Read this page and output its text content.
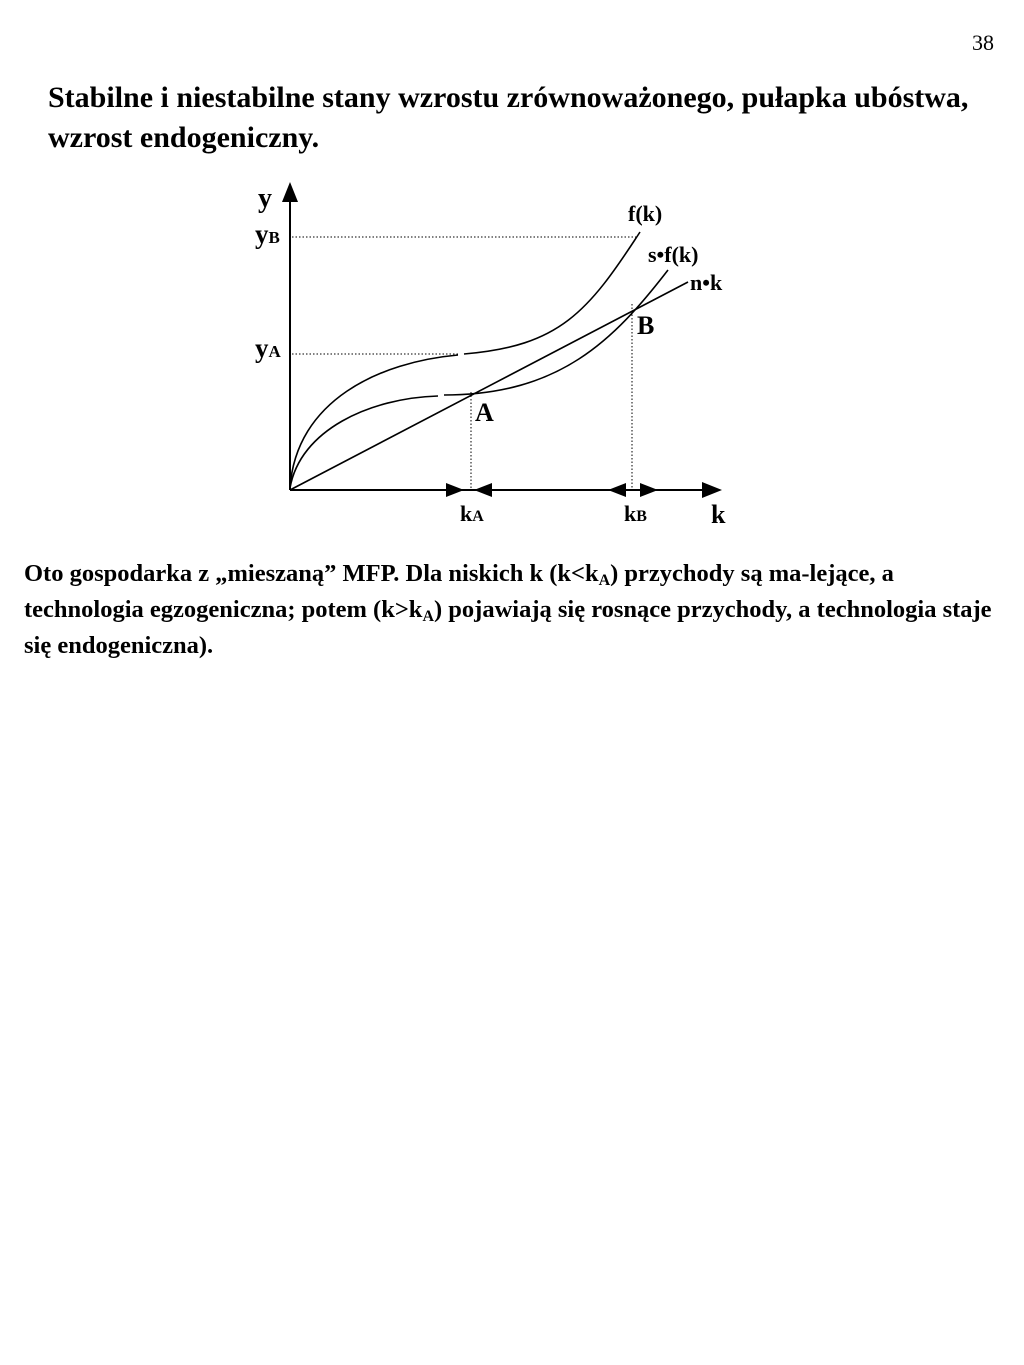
38
Stabilne i niestabilne stany wzrostu zrównoważonego, pułapka ubóstwa, wzrost endogeniczny.
y
k
f(k)
s•f(k)
n•k
A
B
yB
yA
kA	kB

Oto gospodarka z „mieszaną” MFP. Dla niskich k $(k<k_A)$ przychody są ma-lejące, a technologia egzogeniczna; potem $(k>k_A)$ pojawiają się rosnące przychody, a technologia staje się endogeniczna).
